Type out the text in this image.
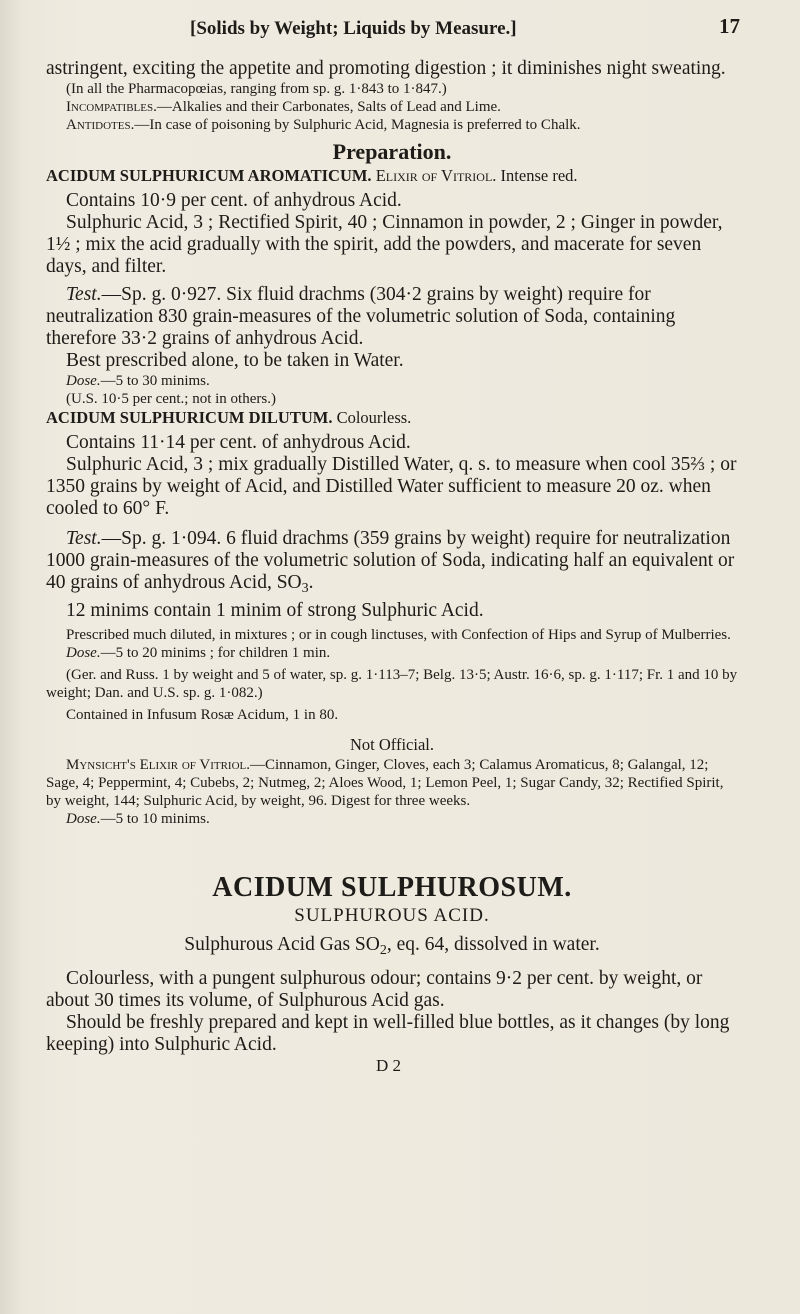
[Solids by Weight; Liquids by Measure.]	17

astringent, exciting the appetite and promoting digestion ; it diminishes night sweating.

(In all the Pharmacopœias, ranging from sp. g. 1·843 to 1·847.)

Incompatibles.—Alkalies and their Carbonates, Salts of Lead and Lime.

Antidotes.—In case of poisoning by Sulphuric Acid, Magnesia is preferred to Chalk.

Preparation.

ACIDUM SULPHURICUM AROMATICUM. Elixir of Vitriol. Intense red.

Contains 10·9 per cent. of anhydrous Acid.

Sulphuric Acid, 3 ; Rectified Spirit, 40 ; Cinnamon in powder, 2 ; Ginger in powder, 1½ ; mix the acid gradually with the spirit, add the powders, and macerate for seven days, and filter.

Test.—Sp. g. 0·927. Six fluid drachms (304·2 grains by weight) require for neutralization 830 grain-measures of the volumetric solution of Soda, containing therefore 33·2 grains of anhydrous Acid.

Best prescribed alone, to be taken in Water.

Dose.—5 to 30 minims.

(U.S. 10·5 per cent.; not in others.)

ACIDUM SULPHURICUM DILUTUM. Colourless.

Contains 11·14 per cent. of anhydrous Acid.

Sulphuric Acid, 3 ; mix gradually Distilled Water, q. s. to measure when cool 35⅔ ; or 1350 grains by weight of Acid, and Distilled Water sufficient to measure 20 oz. when cooled to 60° F.

Test.—Sp. g. 1·094. 6 fluid drachms (359 grains by weight) require for neutralization 1000 grain-measures of the volumetric solution of Soda, indicating half an equivalent or 40 grains of anhydrous Acid, $SO_3$.

12 minims contain 1 minim of strong Sulphuric Acid.

Prescribed much diluted, in mixtures ; or in cough linctuses, with Confection of Hips and Syrup of Mulberries.

Dose.—5 to 20 minims ; for children 1 min.

(Ger. and Russ. 1 by weight and 5 of water, sp. g. 1·113–7; Belg. 13·5; Austr. 16·6, sp. g. 1·117; Fr. 1 and 10 by weight; Dan. and U.S. sp. g. 1·082.)

Contained in Infusum Rosæ Acidum, 1 in 80.

Not Official.

Mynsicht's Elixir of Vitriol.—Cinnamon, Ginger, Cloves, each 3; Calamus Aromaticus, 8; Galangal, 12; Sage, 4; Peppermint, 4; Cubebs, 2; Nutmeg, 2; Aloes Wood, 1; Lemon Peel, 1; Sugar Candy, 32; Rectified Spirit, by weight, 144; Sulphuric Acid, by weight, 96. Digest for three weeks.

Dose.—5 to 10 minims.

ACIDUM SULPHUROSUM.

SULPHUROUS ACID.

Sulphurous Acid Gas $SO_2$, eq. 64, dissolved in water.

Colourless, with a pungent sulphurous odour; contains 9·2 per cent. by weight, or about 30 times its volume, of Sulphurous Acid gas.

Should be freshly prepared and kept in well-filled blue bottles, as it changes (by long keeping) into Sulphuric Acid.

D 2
